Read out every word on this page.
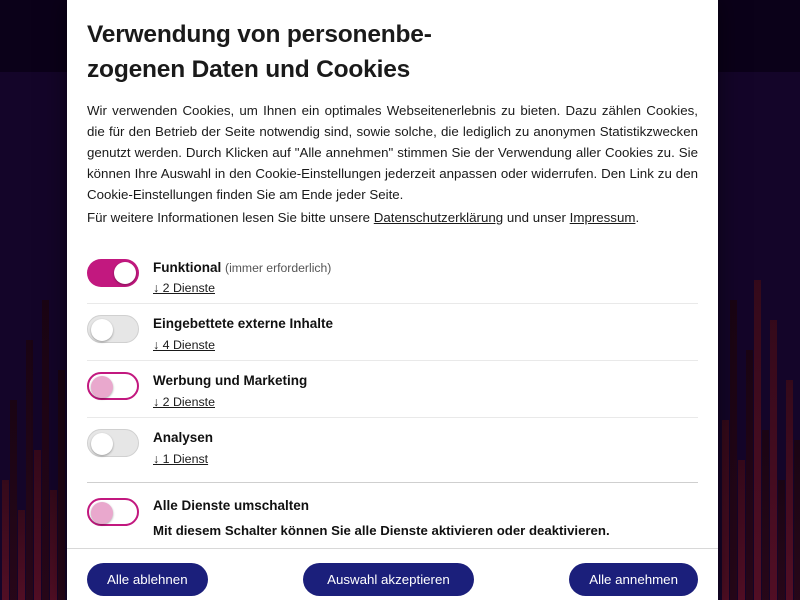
Verwendung von personenbe-
zogenen Daten und Cookies

Wir verwenden Cookies, um Ihnen ein optimales Webseitenerlebnis zu bieten. Dazu zählen Cookies, die für den Betrieb der Seite notwendig sind, sowie solche, die lediglich zu anonymen Statistikzwecken genutzt werden. Durch Klicken auf "Alle annehmen" stimmen Sie der Verwendung aller Cookies zu. Sie können Ihre Auswahl in den Cookie-Einstellungen jederzeit anpassen oder widerrufen. Den Link zu den Cookie-Einstellungen finden Sie am Ende jeder Seite.
Für weitere Informationen lesen Sie bitte unsere Datenschutzerklärung und unser Impressum.

Funktional (immer erforderlich)
↓ 2 Dienste
Eingebettete externe Inhalte
↓ 4 Dienste
Werbung und Marketing
↓ 2 Dienste
Analysen
↓ 1 Dienst
Alle Dienste umschalten
Mit diesem Schalter können Sie alle Dienste aktivieren oder deaktivieren.
Alle ablehnen	Auswahl akzeptieren	Alle annehmen
